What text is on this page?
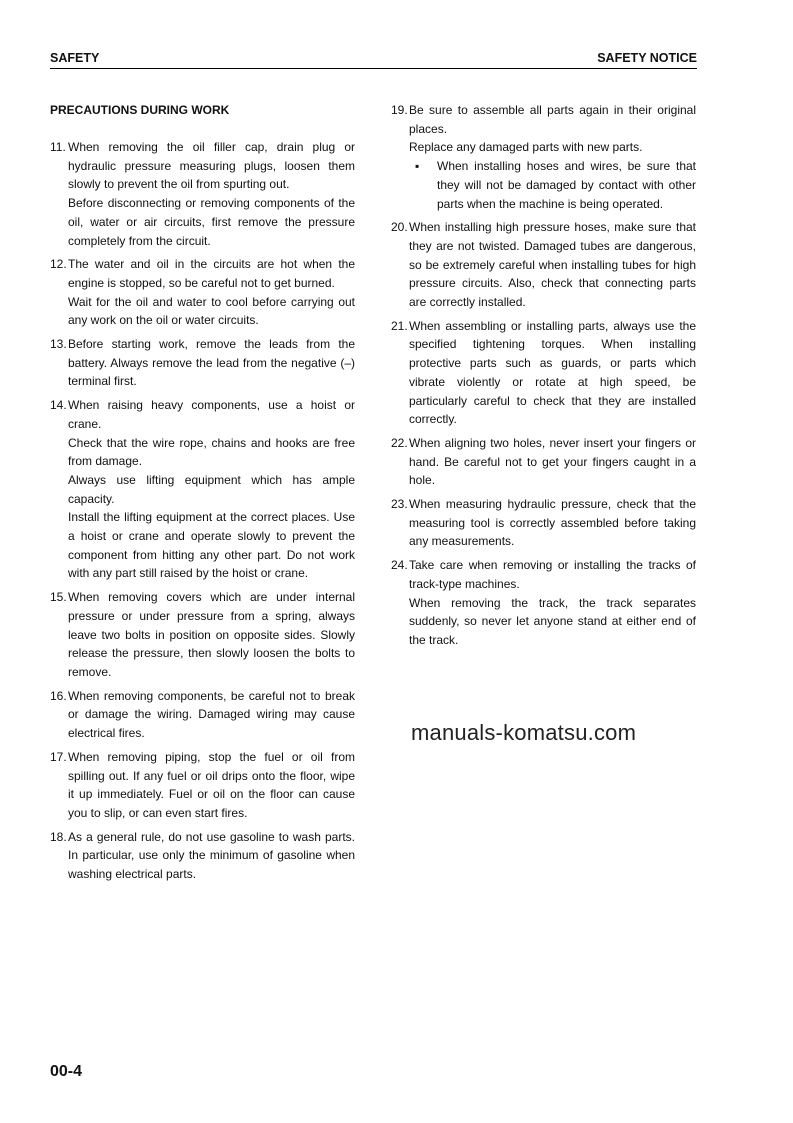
SAFETY	SAFETY NOTICE
PRECAUTIONS DURING WORK
11. When removing the oil filler cap, drain plug or hydraulic pressure measuring plugs, loosen them slowly to prevent the oil from spurting out.

Before disconnecting or removing components of the oil, water or air circuits, first remove the pressure completely from the circuit.

12. The water and oil in the circuits are hot when the engine is stopped, so be careful not to get burned.

Wait for the oil and water to cool before carrying out any work on the oil or water circuits.

13. Before starting work, remove the leads from the battery. Always remove the lead from the negative (–) terminal first.

14. When raising heavy components, use a hoist or crane.

Check that the wire rope, chains and hooks are free from damage.

Always use lifting equipment which has ample capacity.

Install the lifting equipment at the correct places. Use a hoist or crane and operate slowly to prevent the component from hitting any other part. Do not work with any part still raised by the hoist or crane.

15. When removing covers which are under internal pressure or under pressure from a spring, always leave two bolts in position on opposite sides. Slowly release the pressure, then slowly loosen the bolts to remove.

16. When removing components, be careful not to break or damage the wiring. Damaged wiring may cause electrical fires.

17. When removing piping, stop the fuel or oil from spilling out. If any fuel or oil drips onto the floor, wipe it up immediately. Fuel or oil on the floor can cause you to slip, or can even start fires.

18. As a general rule, do not use gasoline to wash parts. In particular, use only the minimum of gasoline when washing electrical parts.

19. Be sure to assemble all parts again in their original places.

Replace any damaged parts with new parts.

▪ When installing hoses and wires, be sure that they will not be damaged by contact with other parts when the machine is being operated.
20. When installing high pressure hoses, make sure that they are not twisted. Damaged tubes are dangerous, so be extremely careful when installing tubes for high pressure circuits. Also, check that connecting parts are correctly installed.

21. When assembling or installing parts, always use the specified tightening torques. When installing protective parts such as guards, or parts which vibrate violently or rotate at high speed, be particularly careful to check that they are installed correctly.

22. When aligning two holes, never insert your fingers or hand. Be careful not to get your fingers caught in a hole.

23. When measuring hydraulic pressure, check that the measuring tool is correctly assembled before taking any measurements.

24. Take care when removing or installing the tracks of track-type machines.

When removing the track, the track separates suddenly, so never let anyone stand at either end of the track.

manuals-komatsu.com
00-4
